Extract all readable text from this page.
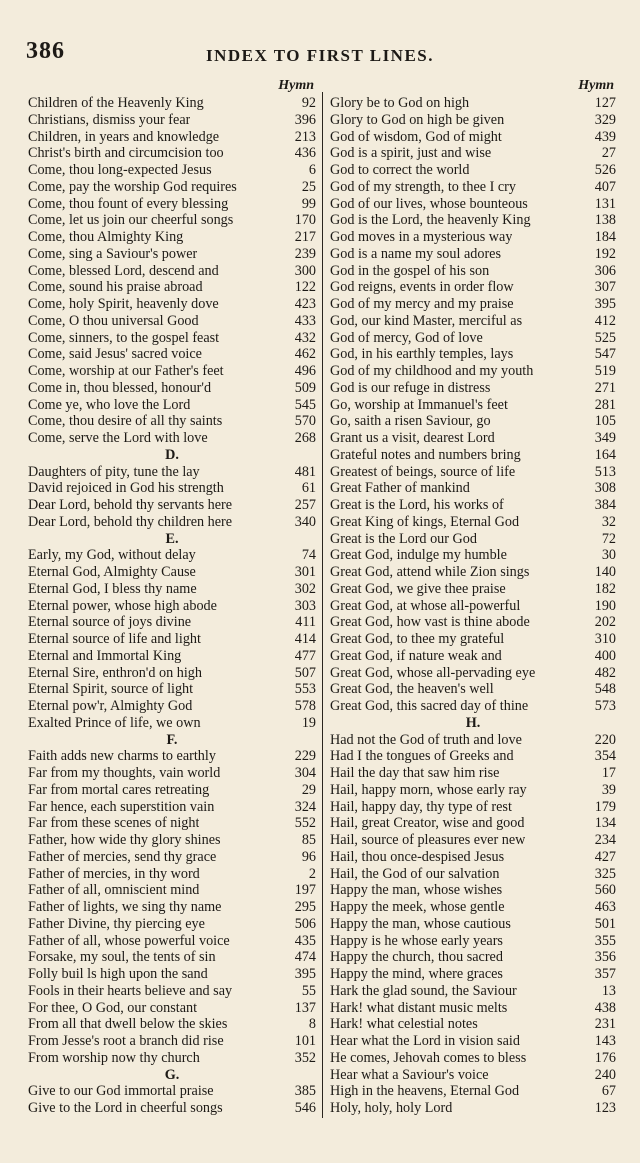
386	INDEX TO FIRST LINES.
Hymn
Children of the Heavenly King	92
Christians, dismiss your fear	396
Children, in years and knowledge	213
Christ's birth and circumcision too	436
Come, thou long-expected Jesus	6
Come, pay the worship God requires	25
Come, thou fount of every blessing	99
Come, let us join our cheerful songs	170
Come, thou Almighty King	217
Come, sing a Saviour's power	239
Come, blessed Lord, descend and	300
Come, sound his praise abroad	122
Come, holy Spirit, heavenly dove	423
Come, O thou universal Good	433
Come, sinners, to the gospel feast	432
Come, said Jesus' sacred voice	462
Come, worship at our Father's feet	496
Come in, thou blessed, honour'd	509
Come ye, who love the Lord	545
Come, thou desire of all thy saints	570
Come, serve the Lord with love	268
D.
Daughters of pity, tune the lay	481
David rejoiced in God his strength	61
Dear Lord, behold thy servants here	257
Dear Lord, behold thy children here	340
E.
Early, my God, without delay	74
Eternal God, Almighty Cause	301
Eternal God, I bless thy name	302
Eternal power, whose high abode	303
Eternal source of joys divine	411
Eternal source of life and light	414
Eternal and Immortal King	477
Eternal Sire, enthron'd on high	507
Eternal Spirit, source of light	553
Eternal pow'r, Almighty God	578
Exalted Prince of life, we own	19
F.
Faith adds new charms to earthly	229
Far from my thoughts, vain world	304
Far from mortal cares retreating	29
Far hence, each superstition vain	324
Far from these scenes of night	552
Father, how wide thy glory shines	85
Father of mercies, send thy grace	96
Father of mercies, in thy word	2
Father of all, omniscient mind	197
Father of lights, we sing thy name	295
Father Divine, thy piercing eye	506
Father of all, whose powerful voice	435
Forsake, my soul, the tents of sin	474
Folly buil ls high upon the sand	395
Fools in their hearts believe and say	55
For thee, O God, our constant	137
From all that dwell below the skies	8
From Jesse's root a branch did rise	101
From worship now thy church	352
G.
Give to our God immortal praise	385
Give to the Lord in cheerful songs	546
Hymn
Glory be to God on high	127
Glory to God on high be given	329
God of wisdom, God of might	439
God is a spirit, just and wise	27
God to correct the world	526
God of my strength, to thee I cry	407
God of our lives, whose bounteous	131
God is the Lord, the heavenly King	138
God moves in a mysterious way	184
God is a name my soul adores	192
God in the gospel of his son	306
God reigns, events in order flow	307
God of my mercy and my praise	395
God, our kind Master, merciful as	412
God of mercy, God of love	525
God, in his earthly temples, lays	547
God of my childhood and my youth	519
God is our refuge in distress	271
Go, worship at Immanuel's feet	281
Go, saith a risen Saviour, go	105
Grant us a visit, dearest Lord	349
Grateful notes and numbers bring	164
Greatest of beings, source of life	513
Great Father of mankind	308
Great is the Lord, his works of	384
Great King of kings, Eternal God	32
Great is the Lord our God	72
Great God, indulge my humble	30
Great God, attend while Zion sings	140
Great God, we give thee praise	182
Great God, at whose all-powerful	190
Great God, how vast is thine abode	202
Great God, to thee my grateful	310
Great God, if nature weak and	400
Great God, whose all-pervading eye	482
Great God, the heaven's well	548
Great God, this sacred day of thine	573
H.
Had not the God of truth and love	220
Had I the tongues of Greeks and	354
Hail the day that saw him rise	17
Hail, happy morn, whose early ray	39
Hail, happy day, thy type of rest	179
Hail, great Creator, wise and good	134
Hail, source of pleasures ever new	234
Hail, thou once-despised Jesus	427
Hail, the God of our salvation	325
Happy the man, whose wishes	560
Happy the meek, whose gentle	463
Happy the man, whose cautious	501
Happy is he whose early years	355
Happy the church, thou sacred	356
Happy the mind, where graces	357
Hark the glad sound, the Saviour	13
Hark! what distant music melts	438
Hark! what celestial notes	231
Hear what the Lord in vision said	143
He comes, Jehovah comes to bless	176
Hear what a Saviour's voice	240
High in the heavens, Eternal God	67
Holy, holy, holy Lord	123
